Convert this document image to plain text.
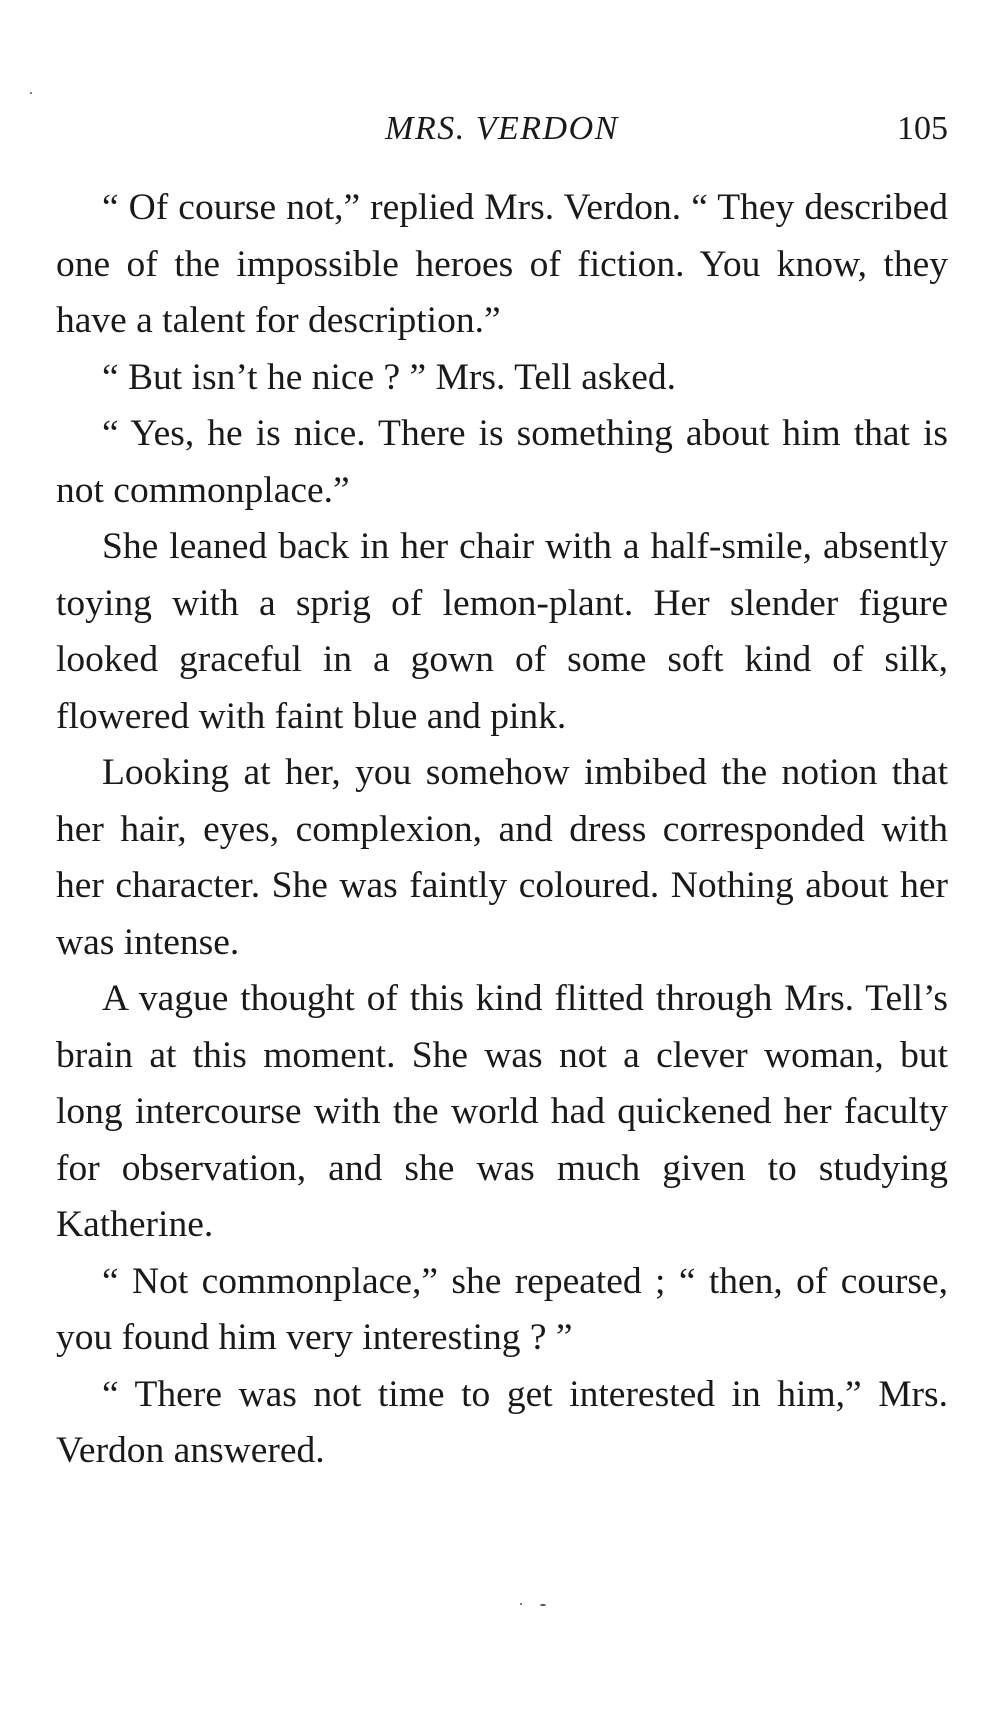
MRS. VERDON	105

“ Of course not,” replied Mrs. Verdon. “ They described one of the impossible heroes of fiction. You know, they have a talent for description.”

“ But isn’t he nice ? ” Mrs. Tell asked.

“ Yes, he is nice. There is something about him that is not commonplace.”

She leaned back in her chair with a half-smile, absently toying with a sprig of lemon-plant. Her slender figure looked graceful in a gown of some soft kind of silk, flowered with faint blue and pink.

Looking at her, you somehow imbibed the notion that her hair, eyes, complexion, and dress corresponded with her character. She was faintly coloured. Nothing about her was intense.

A vague thought of this kind flitted through Mrs. Tell’s brain at this moment. She was not a clever woman, but long intercourse with the world had quickened her faculty for observation, and she was much given to studying Katherine.

“ Not commonplace,” she repeated ; “ then, of course, you found him very interesting ? ”

“ There was not time to get interested in him,” Mrs. Verdon answered.
